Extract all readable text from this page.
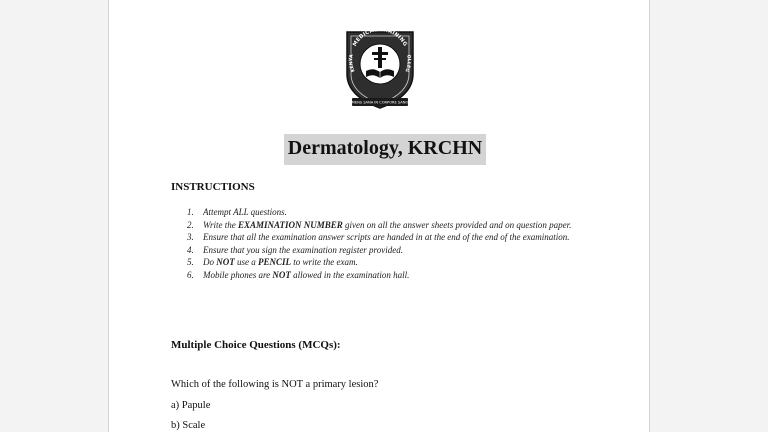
MEDICAL TRAINING
KENYA	OLLEG
MENS SANA IN CORPORE SANO
Dermatology, KRCHN
INSTRUCTIONS
1. Attempt ALL questions.
2. Write the EXAMINATION NUMBER given on all the answer sheets provided and on question paper.
3. Ensure that all the examination answer scripts are handed in at the end of the end of the examination.
4. Ensure that you sign the examination register provided.
5. Do NOT use a PENCIL to write the exam.
6. Mobile phones are NOT allowed in the examination hall.
Multiple Choice Questions (MCQs):
Which of the following is NOT a primary lesion?
a) Papule
b) Scale
